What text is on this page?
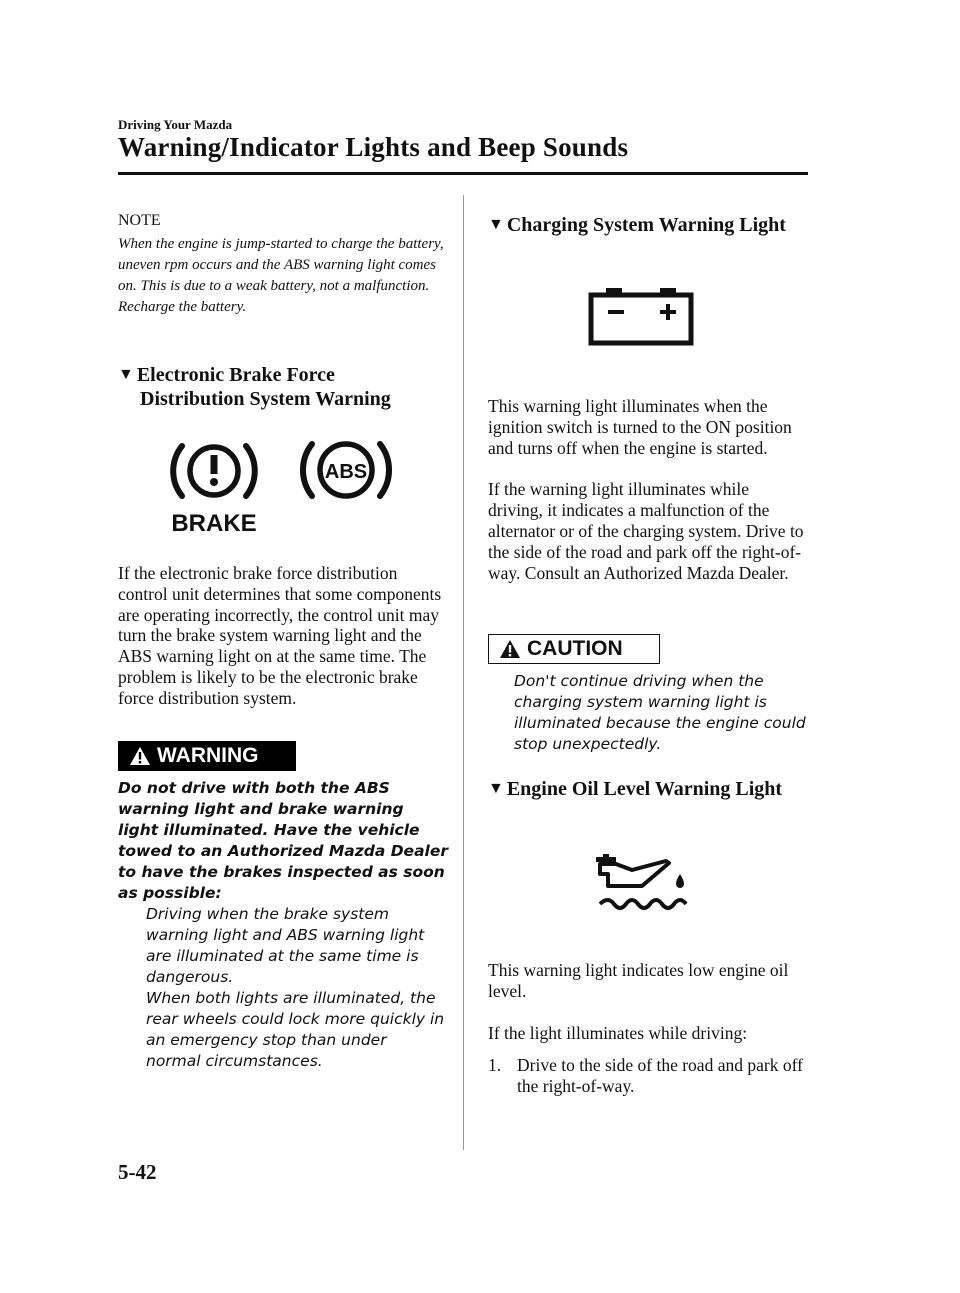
Driving Your Mazda
Warning/Indicator Lights and Beep Sounds
NOTE

When the engine is jump-started to charge the battery, uneven rpm occurs and the ABS warning light comes on. This is due to a weak battery, not a malfunction.

Recharge the battery.

▼ Electronic Brake Force
Distribution System Warning
BRAKE
ABS

If the electronic brake force distribution control unit determines that some components are operating incorrectly, the control unit may turn the brake system warning light and the ABS warning light on at the same time. The problem is likely to be the electronic brake force distribution system.

WARNING
Do not drive with both the ABS warning light and brake warning light illuminated. Have the vehicle towed to an Authorized Mazda Dealer to have the brakes inspected as soon as possible:
Driving when the brake system warning light and ABS warning light are illuminated at the same time is dangerous.
When both lights are illuminated, the rear wheels could lock more quickly in an emergency stop than under normal circumstances.
▼ Charging System Warning Light

This warning light illuminates when the ignition switch is turned to the ON position and turns off when the engine is started.

If the warning light illuminates while driving, it indicates a malfunction of the alternator or of the charging system. Drive to the side of the road and park off the right-of-way. Consult an Authorized Mazda Dealer.

CAUTION
Don't continue driving when the charging system warning light is illuminated because the engine could stop unexpectedly.
▼ Engine Oil Level Warning Light

This warning light indicates low engine oil level.

If the light illuminates while driving:

1. Drive to the side of the road and park off the right-of-way.
5-42
